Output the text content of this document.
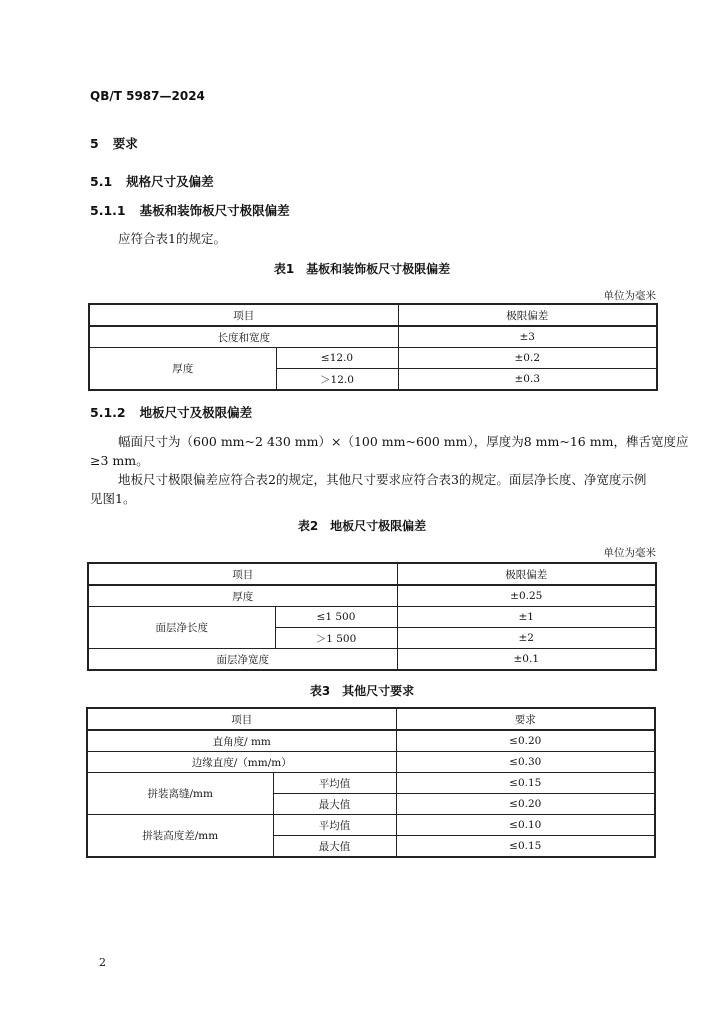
QB/T 5987—2024
5 要求
5.1 规格尺寸及偏差
5.1.1 基板和装饰板尺寸极限偏差
应符合表1的规定。
表1　基板和装饰板尺寸极限偏差
单位为毫米
项目		极限偏差
长度和宽度		±3
厚度	≤12.0	±0.2
	＞12.0	±0.3
5.1.2 地板尺寸及极限偏差
幅面尺寸为（600 mm~2 430 mm）×（100 mm~600 mm），厚度为8 mm~16 mm，榫舌宽度应
≥3 mm。
地板尺寸极限偏差应符合表2的规定，其他尺寸要求应符合表3的规定。面层净长度、净宽度示例
见图1。
表2　地板尺寸极限偏差
单位为毫米
项目		极限偏差
厚度		±0.25
面层净长度	≤1 500	±1
	＞1 500	±2
面层净宽度		±0.1
表3　其他尺寸要求
项目		要求
直角度/ mm		≤0.20
边缘直度/（mm/m）		≤0.30
拼装离缝/mm	平均值	≤0.15
	最大值	≤0.20
拼装高度差/mm	平均值	≤0.10
	最大值	≤0.15
2
